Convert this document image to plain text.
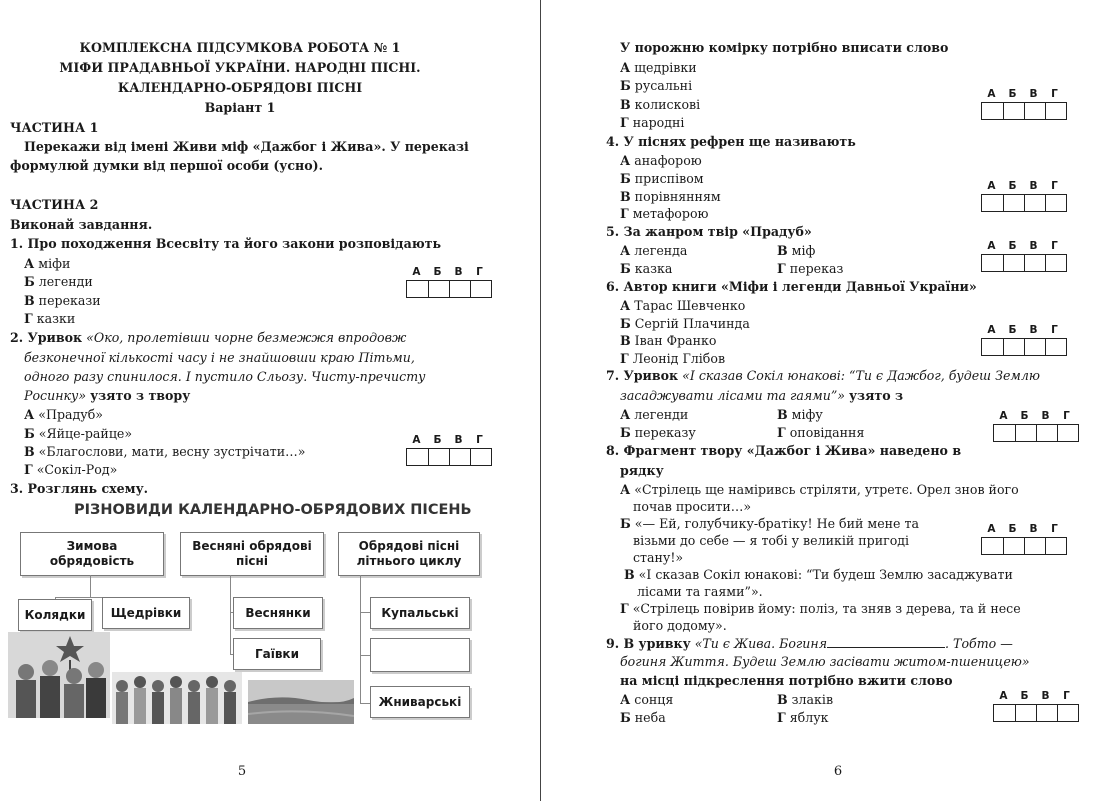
КОМПЛЕКСНА ПІДСУМКОВА РОБОТА № 1
МІФИ ПРАДАВНЬОЇ УКРАЇНИ. НАРОДНІ ПІСНІ.
КАЛЕНДАРНО-ОБРЯДОВІ ПІСНІ
Варіант 1
ЧАСТИНА 1
Перекажи від імені Живи міф «Дажбог і Жива». У переказі
формулюй думки від першої особи (усно).
ЧАСТИНА 2
Виконай завдання.
1. Про походження Всесвіту та його закони розповідають
А міфи
Б легенди
В перекази
Г казки
А	Б	В	Г
2. Уривок «Око, пролетівши чорне безмежжя впродовж
безконечної кількості часу і не знайшовши краю Пітьми,
одного разу спинилося. І пустило Сльозу. Чисту-пречисту
Росинку» узято з твору
А «Прадуб»
Б «Яйце-райце»
В «Благослови, мати, весну зустрічати…»
Г «Сокіл-Род»
А	Б	В	Г
3. Розглянь схему.
РІЗНОВИДИ КАЛЕНДАРНО-ОБРЯДОВИХ ПІСЕНЬ
Зимова
обрядовість
Весняні обрядові
пісні
Обрядові пісні
літнього циклу
Колядки	Щедрівки	Веснянки
Гаївки
Купальські
Жниварські
5
У порожню комірку потрібно вписати слово
А щедрівки
Б русальні
В колискові
Г народні
А	Б	В	Г
4. У піснях рефрен ще називають
А анафорою
Б приспівом
В порівнянням
Г метафорою
А	Б	В	Г
5. За жанром твір «Прадуб»
А легенда	В міф
Б казка	Г переказ
А	Б	В	Г
6. Автор книги «Міфи і легенди Давньої України»
А Тарас Шевченко
Б Сергій Плачинда
В Іван Франко
Г Леонід Глібов
А	Б	В	Г
7. Уривок «І сказав Сокіл юнакові: “Ти є Дажбог, будеш Землю
засаджувати лісами та гаями”» узято з
А легенди	В міфу
Б переказу	Г оповідання
А	Б	В	Г
8. Фрагмент твору «Дажбог і Жива» наведено в
рядку
А «Стрілець ще наміривсь стріляти, утретє. Орел знов його
почав просити…»
Б «— Ей, голубчику-братіку! Не бий мене та
візьми до себе — я тобі у великій пригоді
стану!»
В «І сказав Сокіл юнакові: “Ти будеш Землю засаджувати
лісами та гаями”».
Г «Стрілець повірив йому: поліз, та зняв з дерева, та й несе
його додому».
А	Б	В	Г
9. В уривку «Ти є Жива. Богиня	. Тобто —
богиня Життя. Будеш Землю засівати житом-пшеницею»
на місці підкреслення потрібно вжити слово
А сонця	В злаків
Б неба	Г яблук
А	Б	В	Г
6
